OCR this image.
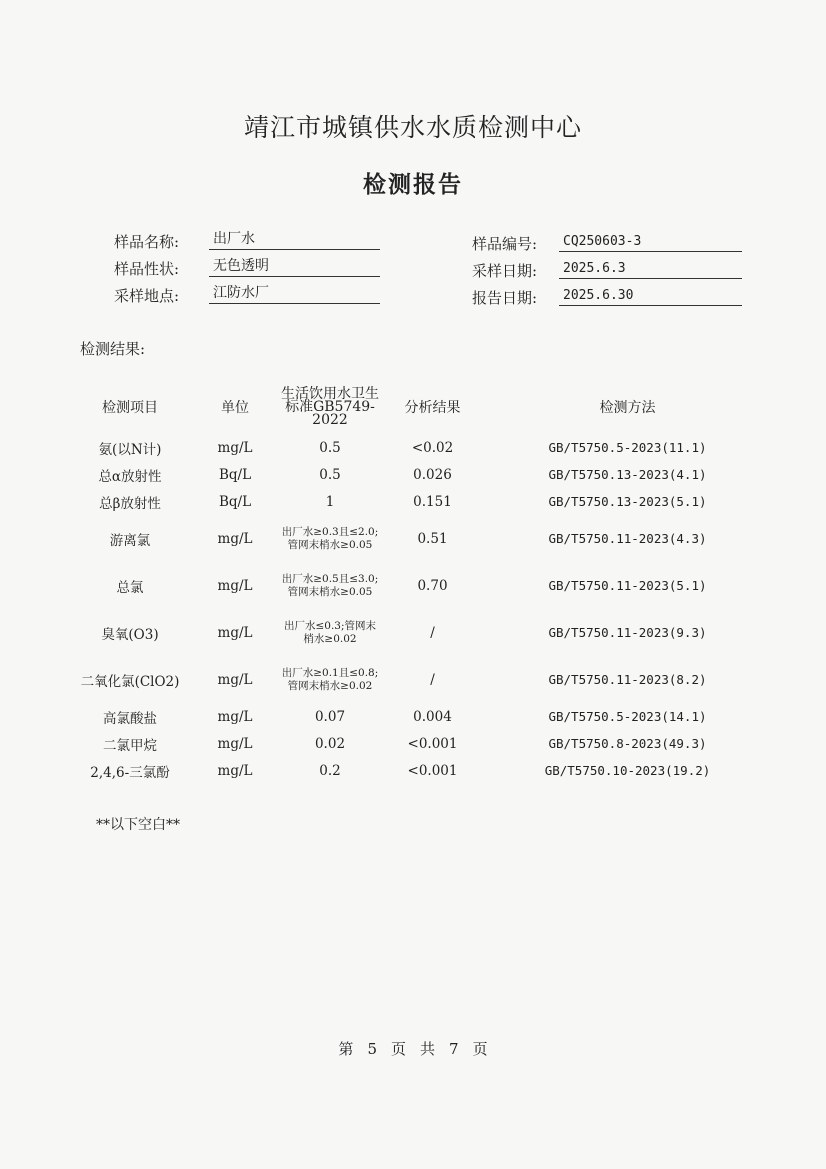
靖江市城镇供水水质检测中心
检测报告
样品名称: 出厂水
样品性状: 无色透明
采样地点: 江防水厂
样品编号:	CQ250603-3
采样日期:	2025.6.3
报告日期:	2025.6.30
检测结果:
检测项目	单位	生活饮用水卫生标准GB5749-2022	分析结果	检测方法
氨(以N计)	mg/L	0.5	<0.02	GB/T5750.5-2023(11.1)
总α放射性	Bq/L	0.5	0.026	GB/T5750.13-2023(4.1)
总β放射性	Bq/L	1	0.151	GB/T5750.13-2023(5.1)
游离氯	mg/L	出厂水≥0.3且≤2.0;管网末梢水≥0.05	0.51	GB/T5750.11-2023(4.3)
总氯	mg/L	出厂水≥0.5且≤3.0;管网末梢水≥0.05	0.70	GB/T5750.11-2023(5.1)
臭氧(O3)	mg/L	出厂水≤0.3;管网末梢水≥0.02	/	GB/T5750.11-2023(9.3)
二氧化氯(ClO2)	mg/L	出厂水≥0.1且≤0.8;管网末梢水≥0.02	/	GB/T5750.11-2023(8.2)
高氯酸盐	mg/L	0.07	0.004	GB/T5750.5-2023(14.1)
二氯甲烷	mg/L	0.02	<0.001	GB/T5750.8-2023(49.3)
2,4,6-三氯酚	mg/L	0.2	<0.001	GB/T5750.10-2023(19.2)
**以下空白**
第 5 页 共 7 页
